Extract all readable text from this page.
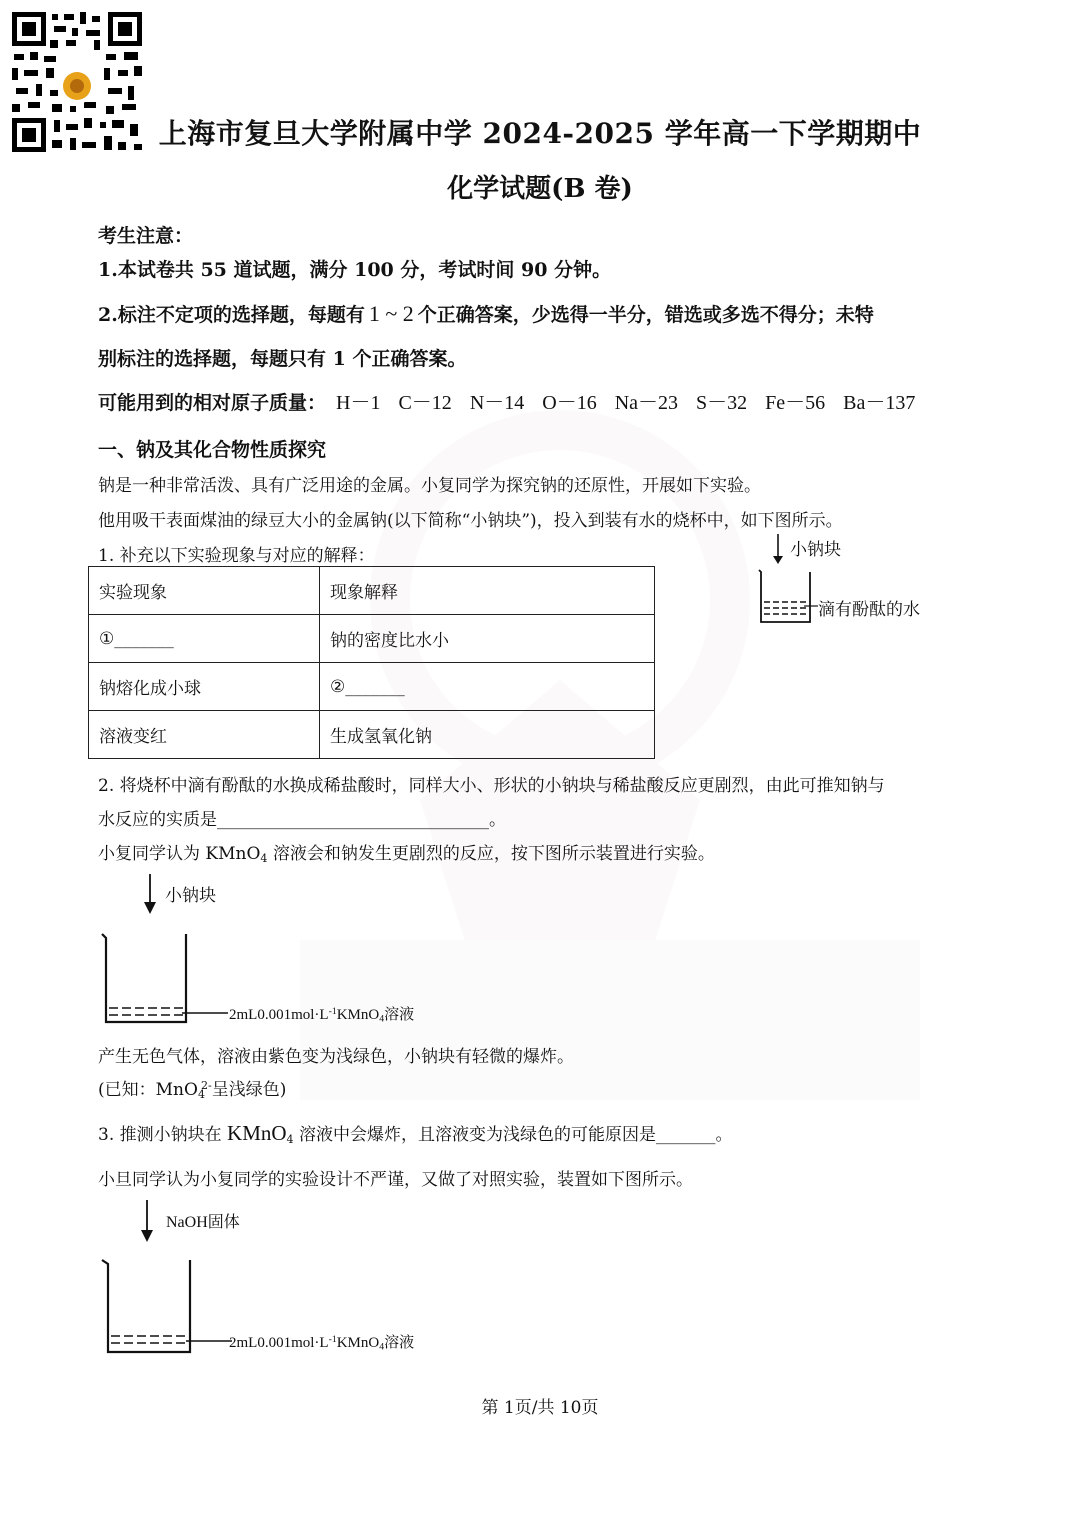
上海市复旦大学附属中学 2024-2025 学年高一下学期期中
化学试题(B 卷)
考生注意：
1.本试卷共 55 道试题，满分 100 分，考试时间 90 分钟。
2.标注不定项的选择题，每题有 1 ~ 2 个正确答案，少选得一半分，错选或多选不得分；未特
别标注的选择题，每题只有 1 个正确答案。
可能用到的相对原子质量： H－1 C－12 N－14 O－16 Na－23 S－32 Fe－56 Ba－137
一、钠及其化合物性质探究
钠是一种非常活泼、具有广泛用途的金属。小复同学为探究钠的还原性，开展如下实验。
他用吸干表面煤油的绿豆大小的金属钠(以下简称“小钠块”)，投入到装有水的烧杯中，如下图所示。
1. 补充以下实验现象与对应的解释：	小钠块
滴有酚酞的水
实验现象	现象解释
①_______	钠的密度比水小
钠熔化成小球	②_______
溶液变红	生成氢氧化钠
2. 将烧杯中滴有酚酞的水换成稀盐酸时，同样大小、形状的小钠块与稀盐酸反应更剧烈，由此可推知钠与
水反应的实质是________________________________。
小复同学认为 KMnO$_4$ 溶液会和钠发生更剧烈的反应，按下图所示装置进行实验。
小钠块
$2mL0.001mol\cdot L^{-1}KMnO_4$溶液
产生无色气体，溶液由紫色变为浅绿色，小钠块有轻微的爆炸。
(已知：MnO$_4^{2-}$呈浅绿色)
3. 推测小钠块在 KMnO$_4$ 溶液中会爆炸，且溶液变为浅绿色的可能原因是_______。
小旦同学认为小复同学的实验设计不严谨，又做了对照实验，装置如下图所示。
NaOH固体
$2mL0.001mol\cdot L^{-1}KMnO_4$溶液
第 1页/共 10页
